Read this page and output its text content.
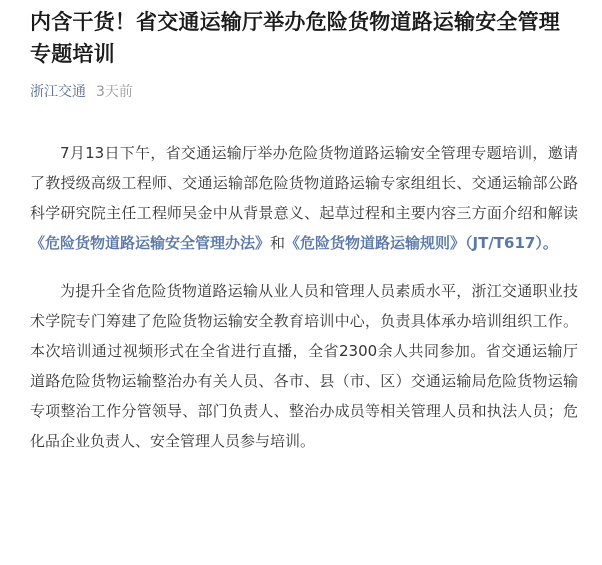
内含干货！省交通运输厅举办危险货物道路运输安全管理专题培训
浙江交通 3天前

7月13日下午，省交通运输厅举办危险货物道路运输安全管理专题培训，邀请了教授级高级工程师、交通运输部危险货物道路运输专家组组长、交通运输部公路科学研究院主任工程师吴金中从背景意义、起草过程和主要内容三方面介绍和解读《危险货物道路运输安全管理办法》和《危险货物道路运输规则》（JT/T617）。

为提升全省危险货物道路运输从业人员和管理人员素质水平，浙江交通职业技术学院专门筹建了危险货物运输安全教育培训中心，负责具体承办培训组织工作。本次培训通过视频形式在全省进行直播，全省2300余人共同参加。省交通运输厅道路危险货物运输整治办有关人员、各市、县（市、区）交通运输局危险货物运输专项整治工作分管领导、部门负责人、整治办成员等相关管理人员和执法人员；危化品企业负责人、安全管理人员参与培训。
